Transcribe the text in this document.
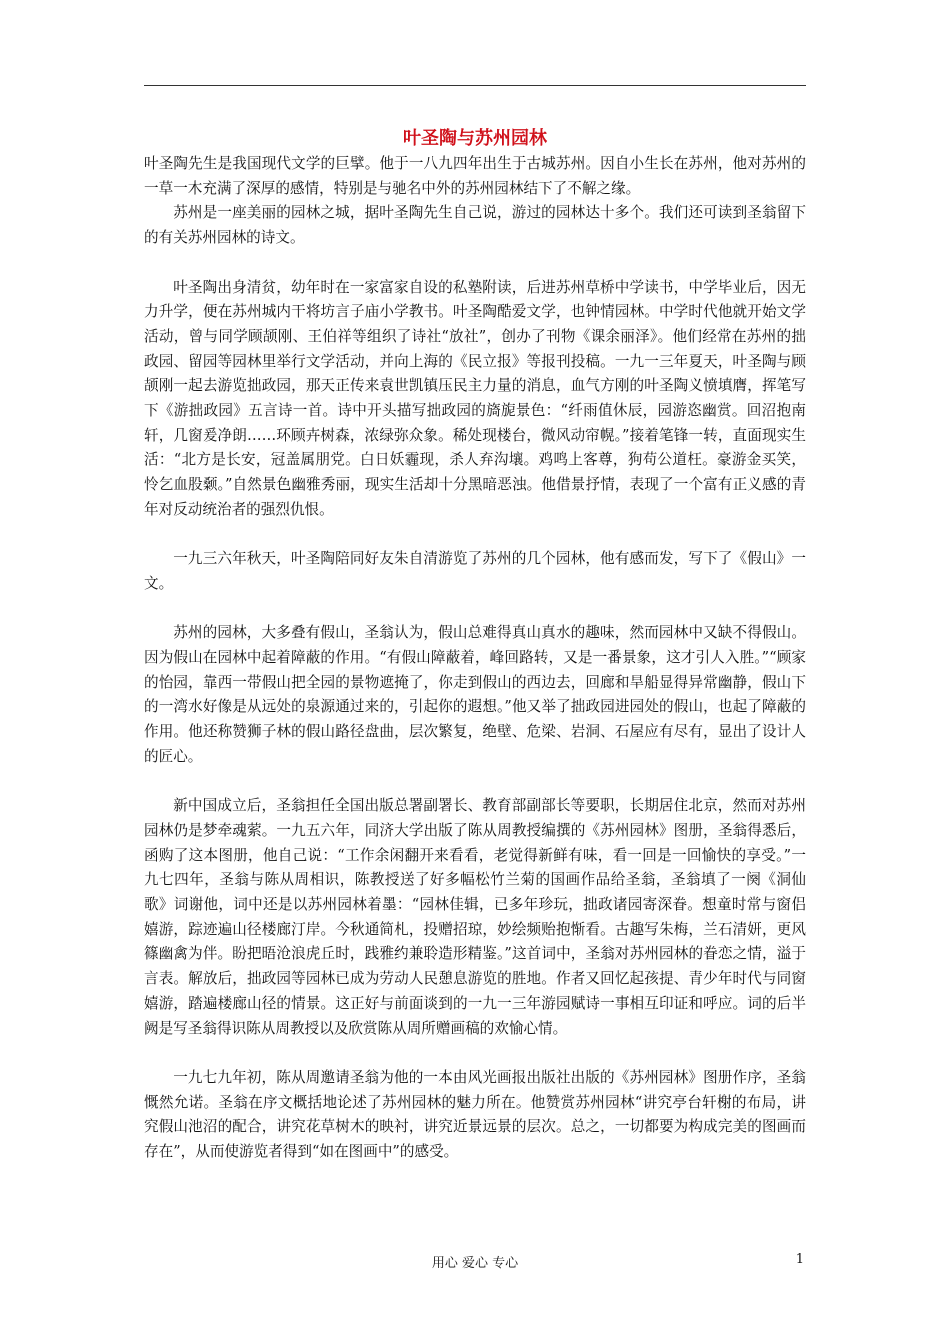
叶圣陶与苏州园林

叶圣陶先生是我国现代文学的巨擘。他于一八九四年出生于古城苏州。因自小生长在苏州，他对苏州的一草一木充满了深厚的感情，特别是与驰名中外的苏州园林结下了不解之缘。

苏州是一座美丽的园林之城，据叶圣陶先生自己说，游过的园林达十多个。我们还可读到圣翁留下的有关苏州园林的诗文。

叶圣陶出身清贫，幼年时在一家富家自设的私塾附读，后进苏州草桥中学读书，中学毕业后，因无力升学，便在苏州城内干将坊言子庙小学教书。叶圣陶酷爱文学，也钟情园林。中学时代他就开始文学活动，曾与同学顾颉刚、王伯祥等组织了诗社“放社”，创办了刊物《课余丽泽》。他们经常在苏州的拙政园、留园等园林里举行文学活动，并向上海的《民立报》等报刊投稿。一九一三年夏天，叶圣陶与顾颉刚一起去游览拙政园，那天正传来袁世凯镇压民主力量的消息，血气方刚的叶圣陶义愤填膺，挥笔写下《游拙政园》五言诗一首。诗中开头描写拙政园的旖旎景色：“纤雨值休辰，园游恣幽赏。回沼抱南轩，几窗爰净朗……环顾卉树森，浓绿弥众象。稀处现楼台，微风动帘幌。”接着笔锋一转，直面现实生活：“北方是长安，冠盖属朋党。白日妖霾现，杀人弃沟壤。鸡鸣上客尊，狗苟公道枉。豪游金买笑，怜乞血股颡。”自然景色幽雅秀丽，现实生活却十分黑暗恶浊。他借景抒情，表现了一个富有正义感的青年对反动统治者的强烈仇恨。

一九三六年秋天，叶圣陶陪同好友朱自清游览了苏州的几个园林，他有感而发，写下了《假山》一文。

苏州的园林，大多叠有假山，圣翁认为，假山总难得真山真水的趣味，然而园林中又缺不得假山。因为假山在园林中起着障蔽的作用。“有假山障蔽着，峰回路转，又是一番景象，这才引人入胜。”“顾家的怡园，靠西一带假山把全园的景物遮掩了，你走到假山的西边去，回廊和旱船显得异常幽静，假山下的一湾水好像是从远处的泉源通过来的，引起你的遐想。”他又举了拙政园进园处的假山，也起了障蔽的作用。他还称赞狮子林的假山路径盘曲，层次繁复，绝壁、危梁、岩洞、石屋应有尽有，显出了设计人的匠心。

新中国成立后，圣翁担任全国出版总署副署长、教育部副部长等要职，长期居住北京，然而对苏州园林仍是梦牵魂萦。一九五六年，同济大学出版了陈从周教授编撰的《苏州园林》图册，圣翁得悉后，函购了这本图册，他自己说：“工作余闲翻开来看看，老觉得新鲜有味，看一回是一回愉快的享受。”一九七四年，圣翁与陈从周相识，陈教授送了好多幅松竹兰菊的国画作品给圣翁，圣翁填了一阕《洞仙歌》词谢他，词中还是以苏州园林着墨：“园林佳辑，已多年珍玩，拙政诸园寄深眷。想童时常与窗侣嬉游，踪迹遍山径楼廊汀岸。今秋通简札，投赠招琼，妙绘频贻抱惭看。古趣写朱梅，兰石清妍，更风篠幽禽为伴。盼把晤沧浪虎丘时，践雅约兼聆造形精鉴。”这首词中，圣翁对苏州园林的眷恋之情，溢于言表。解放后，拙政园等园林已成为劳动人民憩息游览的胜地。作者又回忆起孩提、青少年时代与同窗嬉游，踏遍楼廊山径的情景。这正好与前面谈到的一九一三年游园赋诗一事相互印证和呼应。词的后半阙是写圣翁得识陈从周教授以及欣赏陈从周所赠画稿的欢愉心情。

一九七九年初，陈从周邀请圣翁为他的一本由风光画报出版社出版的《苏州园林》图册作序，圣翁慨然允诺。圣翁在序文概括地论述了苏州园林的魅力所在。他赞赏苏州园林“讲究亭台轩榭的布局，讲究假山池沼的配合，讲究花草树木的映衬，讲究近景远景的层次。总之，一切都要为构成完美的图画而存在”，从而使游览者得到“如在图画中”的感受。

用心 爱心 专心	1
